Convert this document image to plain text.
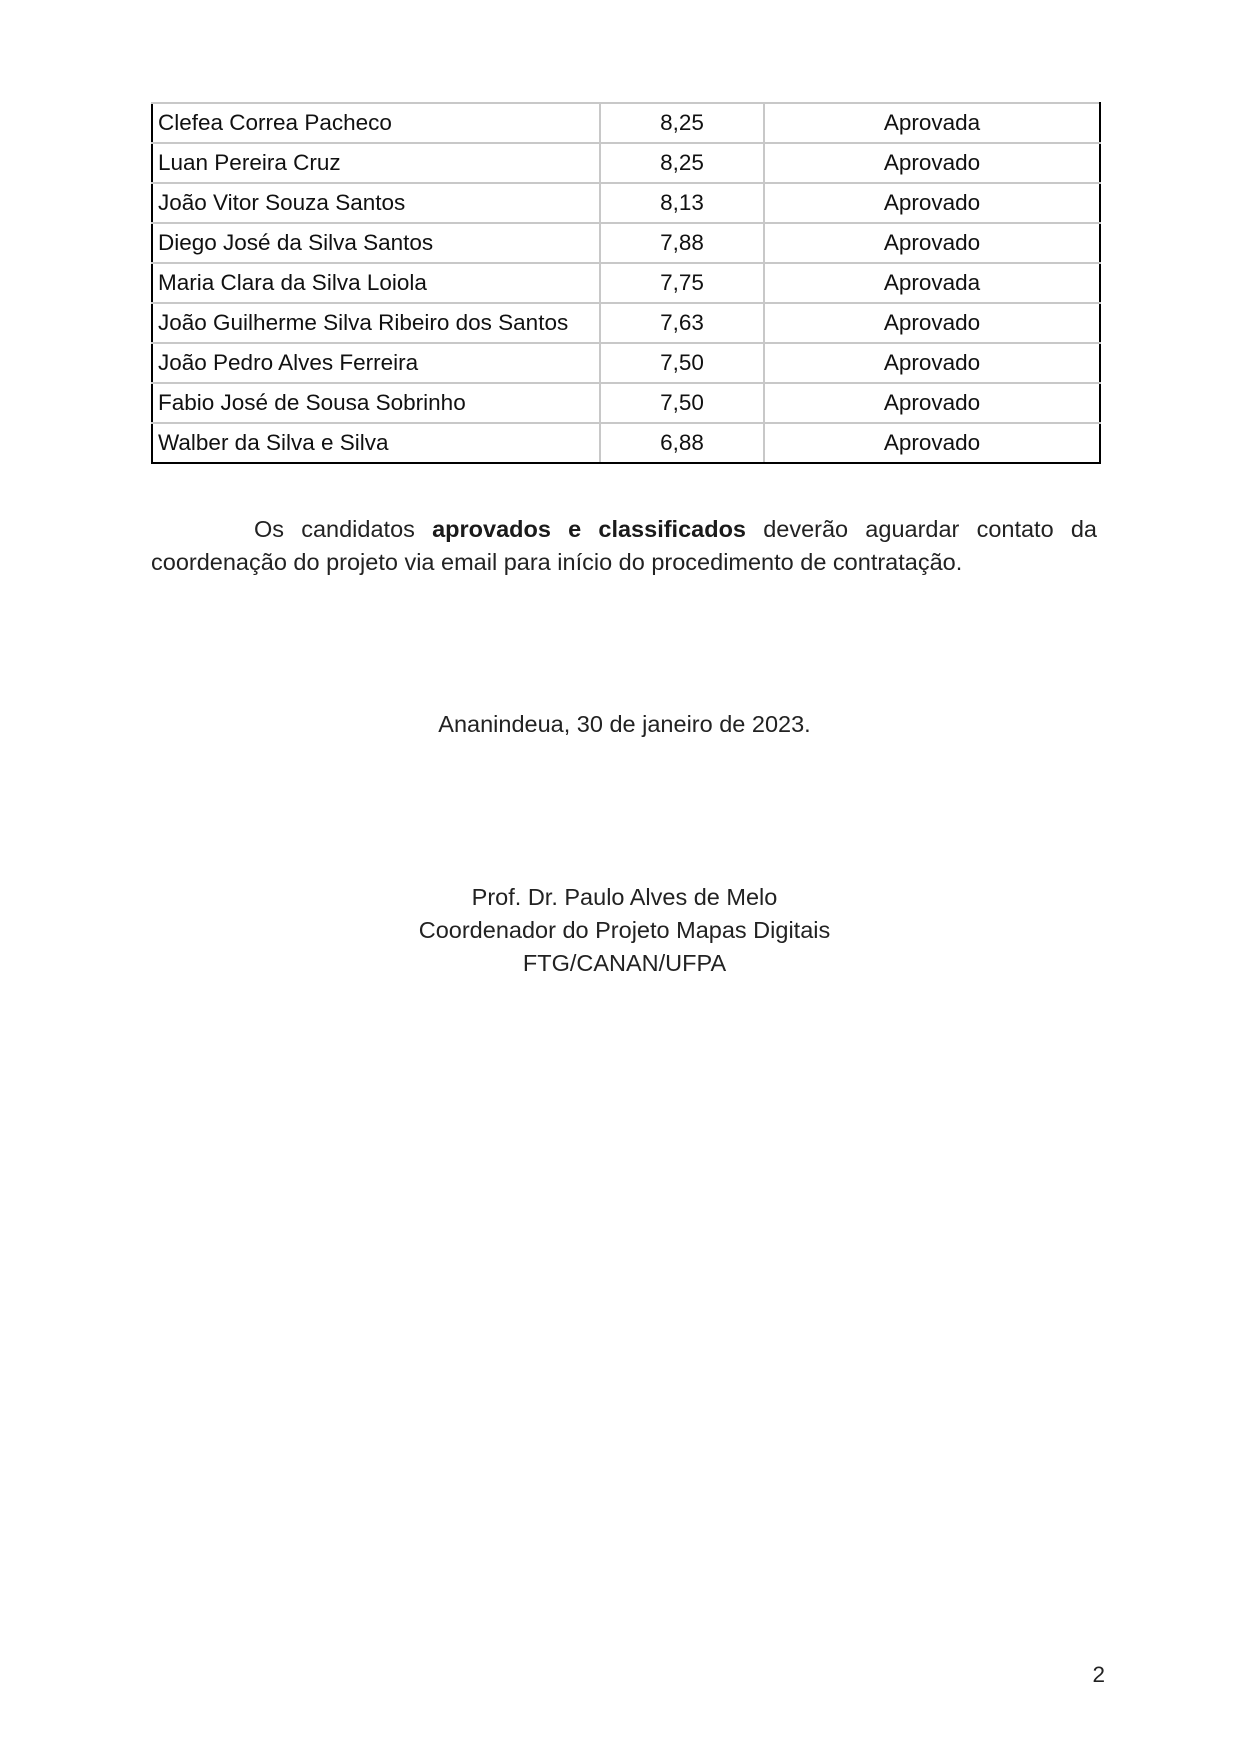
Clefea Correa Pacheco	8,25	Aprovada
Luan Pereira Cruz	8,25	Aprovado
João Vitor Souza Santos	8,13	Aprovado
Diego José da Silva Santos	7,88	Aprovado
Maria Clara da Silva Loiola	7,75	Aprovada
João Guilherme Silva Ribeiro dos Santos	7,63	Aprovado
João Pedro Alves Ferreira	7,50	Aprovado
Fabio José de Sousa Sobrinho	7,50	Aprovado
Walber da Silva e Silva	6,88	Aprovado

Os candidatos aprovados e classificados deverão aguardar contato da coordenação do projeto via email para início do procedimento de contratação.

Ananindeua, 30 de janeiro de 2023.
Prof. Dr. Paulo Alves de Melo
Coordenador do Projeto Mapas Digitais
FTG/CANAN/UFPA
2
